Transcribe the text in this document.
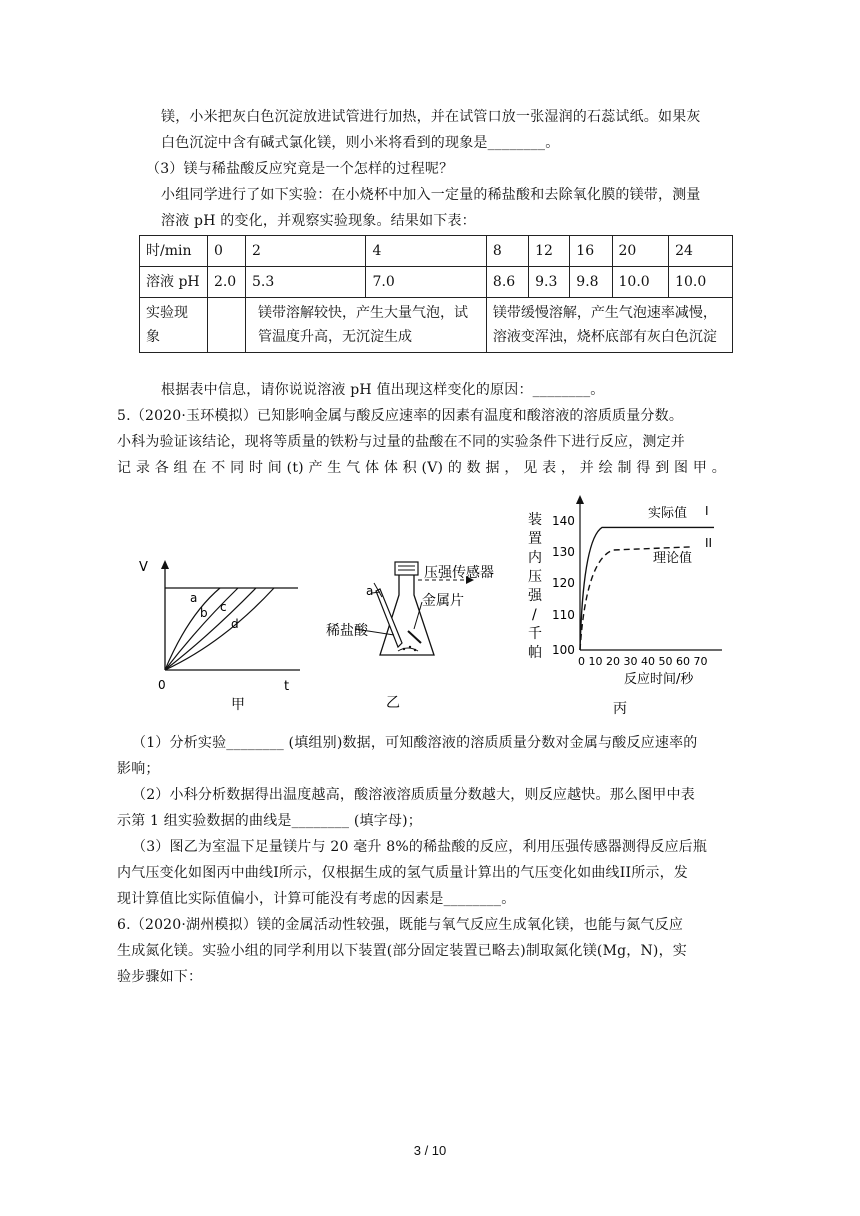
镁，小米把灰白色沉淀放进试管进行加热，并在试管口放一张湿润的石蕊试纸。如果灰
白色沉淀中含有碱式氯化镁，则小米将看到的现象是________。
（3）镁与稀盐酸反应究竟是一个怎样的过程呢？
小组同学进行了如下实验：在小烧杯中加入一定量的稀盐酸和去除氧化膜的镁带，测量
溶液 pH 的变化，并观察实验现象。结果如下表：
时/min	0	2	4	8	12	16	20	24
溶液 pH	2.0	5.3	7.0	8.6	9.3	9.8	10.0	10.0
实验现象		镁带溶解较快，产生大量气泡，试管温度升高，无沉淀生成		镁带缓慢溶解，产生气泡速率减慢，溶液变浑浊，烧杯底部有灰白色沉淀				
根据表中信息，请你说说溶液 pH 值出现这样变化的原因：________。
5.（2020·玉环模拟）已知影响金属与酸反应速率的因素有温度和酸溶液的溶质质量分数。
小科为验证该结论，现将等质量的铁粉与过量的盐酸在不同的实验条件下进行反应，测定并
记 录 各 组 在 不 同 时 间 (t) 产 生 气 体 体 积 (V) 的 数 据 ， 见 表 ， 并 绘 制 得 到 图 甲 。
V
t
0
a
b c
d
甲
a
压强传感器
金属片
稀盐酸
乙
装
置
内
压
强
/
千
帕
140
130
120
110
100
0 10 20 30 40 50 60 70
反应时间/秒
实际值 I
理论值
II
丙
（1）分析实验________ (填组别)数据，可知酸溶液的溶质质量分数对金属与酸反应速率的
影响；
（2）小科分析数据得出温度越高，酸溶液溶质质量分数越大，则反应越快。那么图甲中表
示第 1 组实验数据的曲线是________ (填字母)；
（3）图乙为室温下足量镁片与 20 毫升 8%的稀盐酸的反应，利用压强传感器测得反应后瓶
内气压变化如图丙中曲线I所示，仅根据生成的氢气质量计算出的气压变化如曲线II所示，发
现计算值比实际值偏小，计算可能没有考虑的因素是________。
6.（2020·湖州模拟）镁的金属活动性较强，既能与氧气反应生成氧化镁，也能与氮气反应
生成氮化镁。实验小组的同学利用以下装置(部分固定装置已略去)制取氮化镁(Mg，N)，实
验步骤如下：
3 / 10
